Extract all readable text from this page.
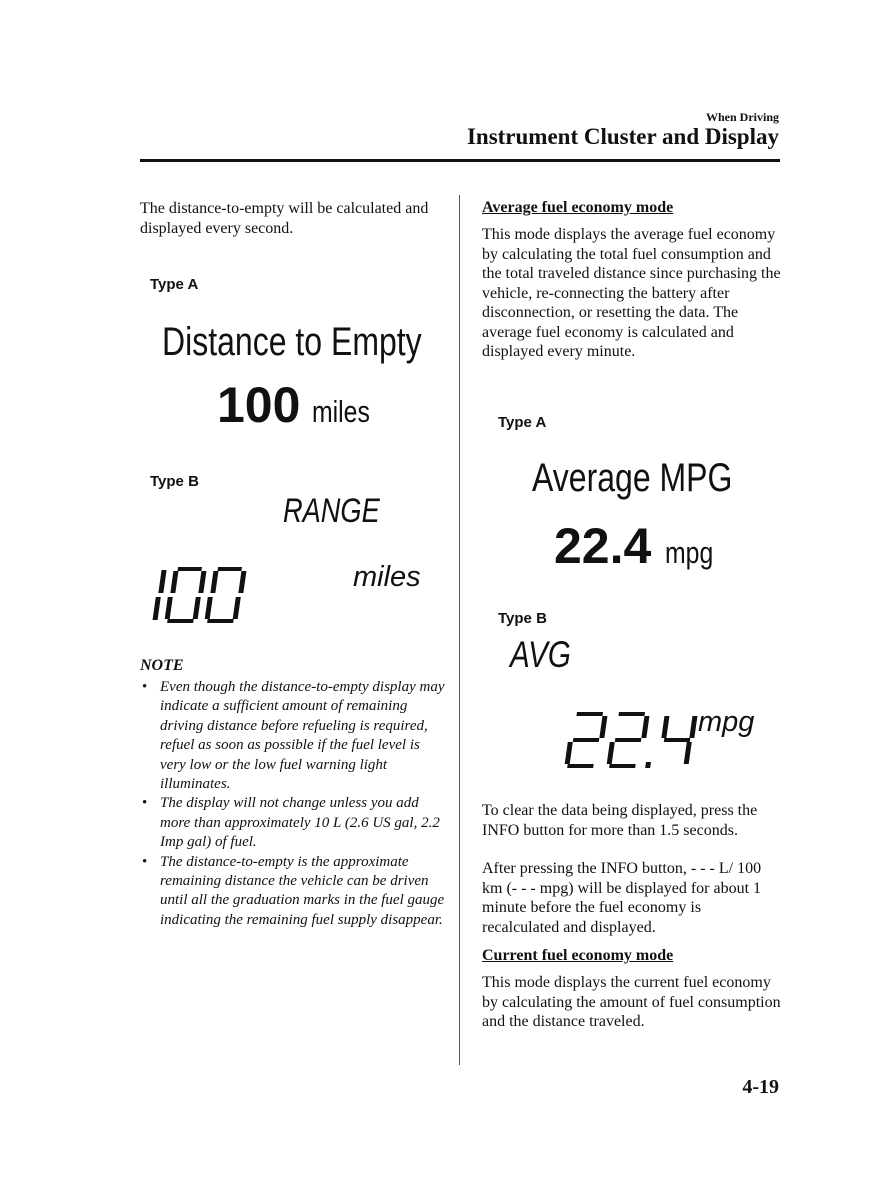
When Driving
Instrument Cluster and Display
The distance-to-empty will be calculated and displayed every second.
Type A
Distance to Empty
100 miles
Type B
RANGE
miles
NOTE
• Even though the distance-to-empty display may indicate a sufficient amount of remaining driving distance before refueling is required, refuel as soon as possible if the fuel level is very low or the low fuel warning light illuminates.
• The display will not change unless you add more than approximately 10 L (2.6 US gal, 2.2 Imp gal) of fuel.
• The distance-to-empty is the approximate remaining distance the vehicle can be driven until all the graduation marks in the fuel gauge indicating the remaining fuel supply disappear.
Average fuel economy mode
This mode displays the average fuel economy by calculating the total fuel consumption and the total traveled distance since purchasing the vehicle, re-connecting the battery after disconnection, or resetting the data. The average fuel economy is calculated and displayed every minute.
Type A
Average MPG
22.4 mpg
Type B
AVG
mpg
To clear the data being displayed, press the INFO button for more than 1.5 seconds.
After pressing the INFO button, - - - L/ 100 km (- - - mpg) will be displayed for about 1 minute before the fuel economy is recalculated and displayed.
Current fuel economy mode
This mode displays the current fuel economy by calculating the amount of fuel consumption and the distance traveled.
4-19
